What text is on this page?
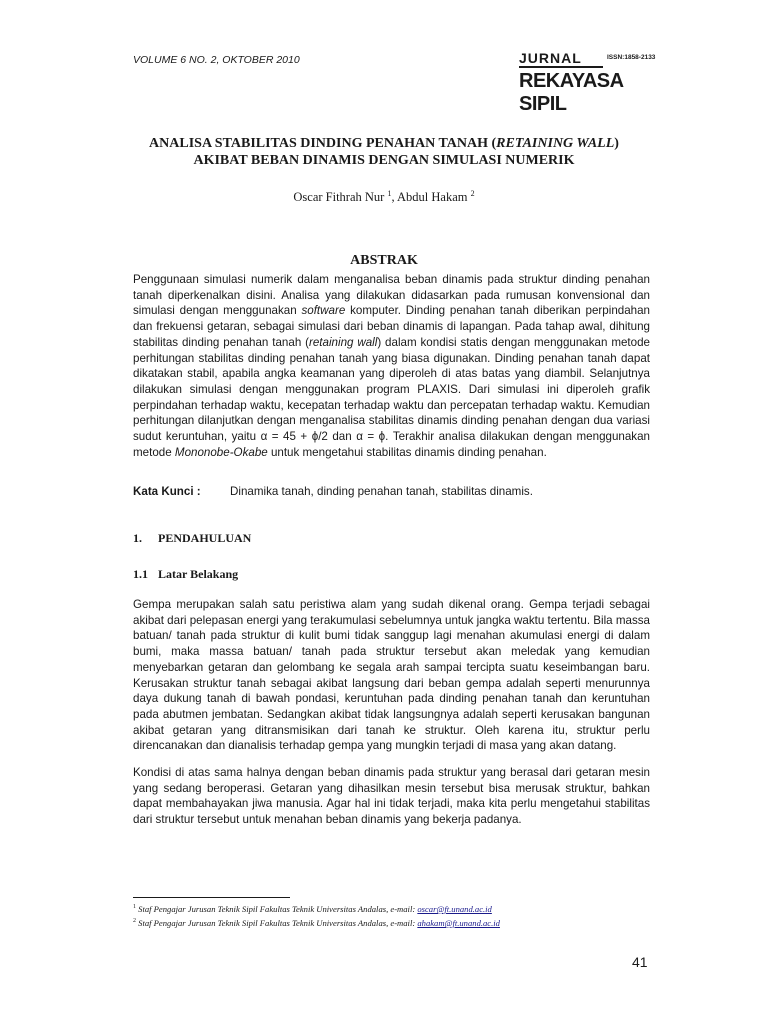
VOLUME 6 NO. 2, OKTOBER 2010	JURNAL	ISSN:1858-2133
REKAYASA SIPIL
ANALISA STABILITAS DINDING PENAHAN TANAH (RETAINING WALL)
AKIBAT BEBAN DINAMIS DENGAN SIMULASI NUMERIK
Oscar Fithrah Nur $^1$, Abdul Hakam $^2$
ABSTRAK
Penggunaan simulasi numerik dalam menganalisa beban dinamis pada struktur dinding penahan tanah diperkenalkan disini. Analisa yang dilakukan didasarkan pada rumusan konvensional dan simulasi dengan menggunakan software komputer. Dinding penahan tanah diberikan perpindahan dan frekuensi getaran, sebagai simulasi dari beban dinamis di lapangan. Pada tahap awal, dihitung stabilitas dinding penahan tanah (retaining wall) dalam kondisi statis dengan menggunakan metode perhitungan stabilitas dinding penahan tanah yang biasa digunakan. Dinding penahan tanah dapat dikatakan stabil, apabila angka keamanan yang diperoleh di atas batas yang diambil. Selanjutnya dilakukan simulasi dengan menggunakan program PLAXIS. Dari simulasi ini diperoleh grafik perpindahan terhadap waktu, kecepatan terhadap waktu dan percepatan terhadap waktu. Kemudian perhitungan dilanjutkan dengan menganalisa stabilitas dinamis dinding penahan dengan dua variasi sudut keruntuhan, yaitu α = 45 + ϕ/2 dan α = ϕ. Terakhir analisa dilakukan dengan menggunakan metode Mononobe-Okabe untuk mengetahui stabilitas dinamis dinding penahan.
Kata Kunci :	Dinamika tanah, dinding penahan tanah, stabilitas dinamis.
1. PENDAHULUAN
1.1 Latar Belakang
Gempa merupakan salah satu peristiwa alam yang sudah dikenal orang. Gempa terjadi sebagai akibat dari pelepasan energi yang terakumulasi sebelumnya untuk jangka waktu tertentu. Bila massa batuan/ tanah pada struktur di kulit bumi tidak sanggup lagi menahan akumulasi energi di dalam bumi, maka massa batuan/ tanah pada struktur tersebut akan meledak yang kemudian menyebarkan getaran dan gelombang ke segala arah sampai tercipta suatu keseimbangan baru. Kerusakan struktur tanah sebagai akibat langsung dari beban gempa adalah seperti menurunnya daya dukung tanah di bawah pondasi, keruntuhan pada dinding penahan tanah dan keruntuhan pada abutmen jembatan. Sedangkan akibat tidak langsungnya adalah seperti kerusakan bangunan akibat getaran yang ditransmisikan dari tanah ke struktur. Oleh karena itu, struktur perlu direncanakan dan dianalisis terhadap gempa yang mungkin terjadi di masa yang akan datang.
Kondisi di atas sama halnya dengan beban dinamis pada struktur yang berasal dari getaran mesin yang sedang beroperasi. Getaran yang dihasilkan mesin tersebut bisa merusak struktur, bahkan dapat membahayakan jiwa manusia. Agar hal ini tidak terjadi, maka kita perlu mengetahui stabilitas dari struktur tersebut untuk menahan beban dinamis yang bekerja padanya.
$^1$ Staf Pengajar Jurusan Teknik Sipil Fakultas Teknik Universitas Andalas, e-mail: oscar@ft.unand.ac.id
$^2$ Staf Pengajar Jurusan Teknik Sipil Fakultas Teknik Universitas Andalas, e-mail: ahakam@ft.unand.ac.id
41
